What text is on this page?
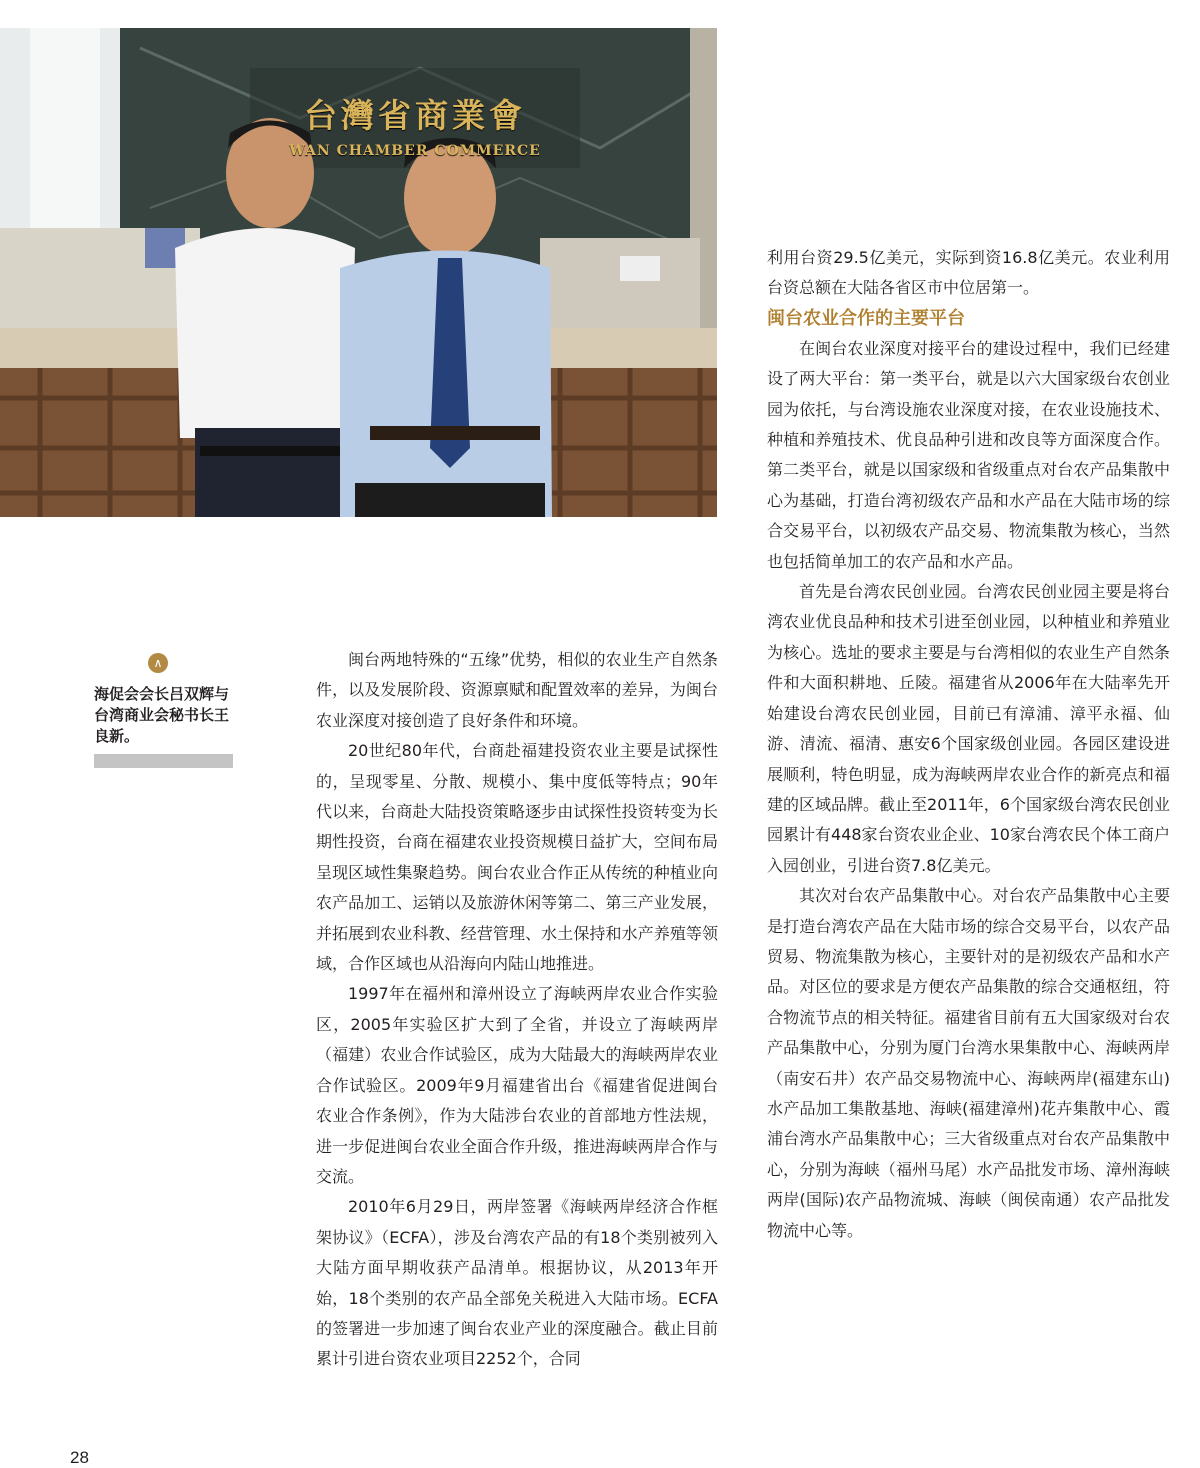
台灣省商業會
WAN CHAMBER COMMERCE
∧
海促会会长吕双辉与台湾商业会秘书长王良新。

闽台两地特殊的“五缘”优势，相似的农业生产自然条件，以及发展阶段、资源禀赋和配置效率的差异，为闽台农业深度对接创造了良好条件和环境。

20世纪80年代，台商赴福建投资农业主要是试探性的，呈现零星、分散、规模小、集中度低等特点；90年代以来，台商赴大陆投资策略逐步由试探性投资转变为长期性投资，台商在福建农业投资规模日益扩大，空间布局呈现区域性集聚趋势。闽台农业合作正从传统的种植业向农产品加工、运销以及旅游休闲等第二、第三产业发展，并拓展到农业科教、经营管理、水土保持和水产养殖等领域，合作区域也从沿海向内陆山地推进。

1997年在福州和漳州设立了海峡两岸农业合作实验区，2005年实验区扩大到了全省，并设立了海峡两岸（福建）农业合作试验区，成为大陆最大的海峡两岸农业合作试验区。2009年9月福建省出台《福建省促进闽台农业合作条例》，作为大陆涉台农业的首部地方性法规，进一步促进闽台农业全面合作升级，推进海峡两岸合作与交流。

2010年6月29日，两岸签署《海峡两岸经济合作框架协议》（ECFA），涉及台湾农产品的有18个类别被列入大陆方面早期收获产品清单。根据协议，从2013年开始，18个类别的农产品全部免关税进入大陆市场。ECFA的签署进一步加速了闽台农业产业的深度融合。截止目前累计引进台资农业项目2252个，合同

利用台资29.5亿美元，实际到资16.8亿美元。农业利用台资总额在大陆各省区市中位居第一。

闽台农业合作的主要平台

在闽台农业深度对接平台的建设过程中，我们已经建设了两大平台：第一类平台，就是以六大国家级台农创业园为依托，与台湾设施农业深度对接，在农业设施技术、种植和养殖技术、优良品种引进和改良等方面深度合作。第二类平台，就是以国家级和省级重点对台农产品集散中心为基础，打造台湾初级农产品和水产品在大陆市场的综合交易平台，以初级农产品交易、物流集散为核心，当然也包括简单加工的农产品和水产品。

首先是台湾农民创业园。台湾农民创业园主要是将台湾农业优良品种和技术引进至创业园，以种植业和养殖业为核心。选址的要求主要是与台湾相似的农业生产自然条件和大面积耕地、丘陵。福建省从2006年在大陆率先开始建设台湾农民创业园，目前已有漳浦、漳平永福、仙游、清流、福清、惠安6个国家级创业园。各园区建设进展顺利，特色明显，成为海峡两岸农业合作的新亮点和福建的区域品牌。截止至2011年，6个国家级台湾农民创业园累计有448家台资农业企业、10家台湾农民个体工商户入园创业，引进台资7.8亿美元。

其次对台农产品集散中心。对台农产品集散中心主要是打造台湾农产品在大陆市场的综合交易平台，以农产品贸易、物流集散为核心，主要针对的是初级农产品和水产品。对区位的要求是方便农产品集散的综合交通枢纽，符合物流节点的相关特征。福建省目前有五大国家级对台农产品集散中心，分别为厦门台湾水果集散中心、海峡两岸（南安石井）农产品交易物流中心、海峡两岸(福建东山)水产品加工集散基地、海峡(福建漳州)花卉集散中心、霞浦台湾水产品集散中心；三大省级重点对台农产品集散中心，分别为海峡（福州马尾）水产品批发市场、漳州海峡两岸(国际)农产品物流城、海峡（闽侯南通）农产品批发物流中心等。

28
